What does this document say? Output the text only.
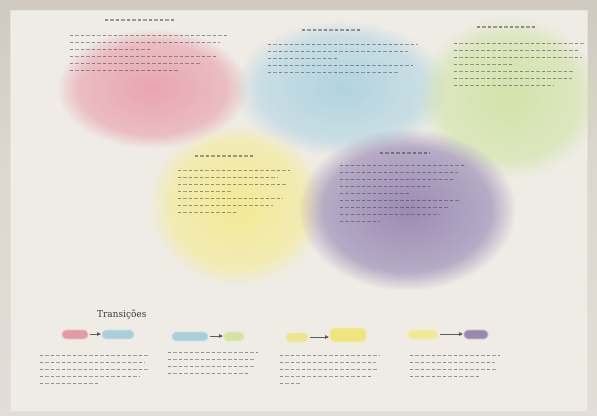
Transições
